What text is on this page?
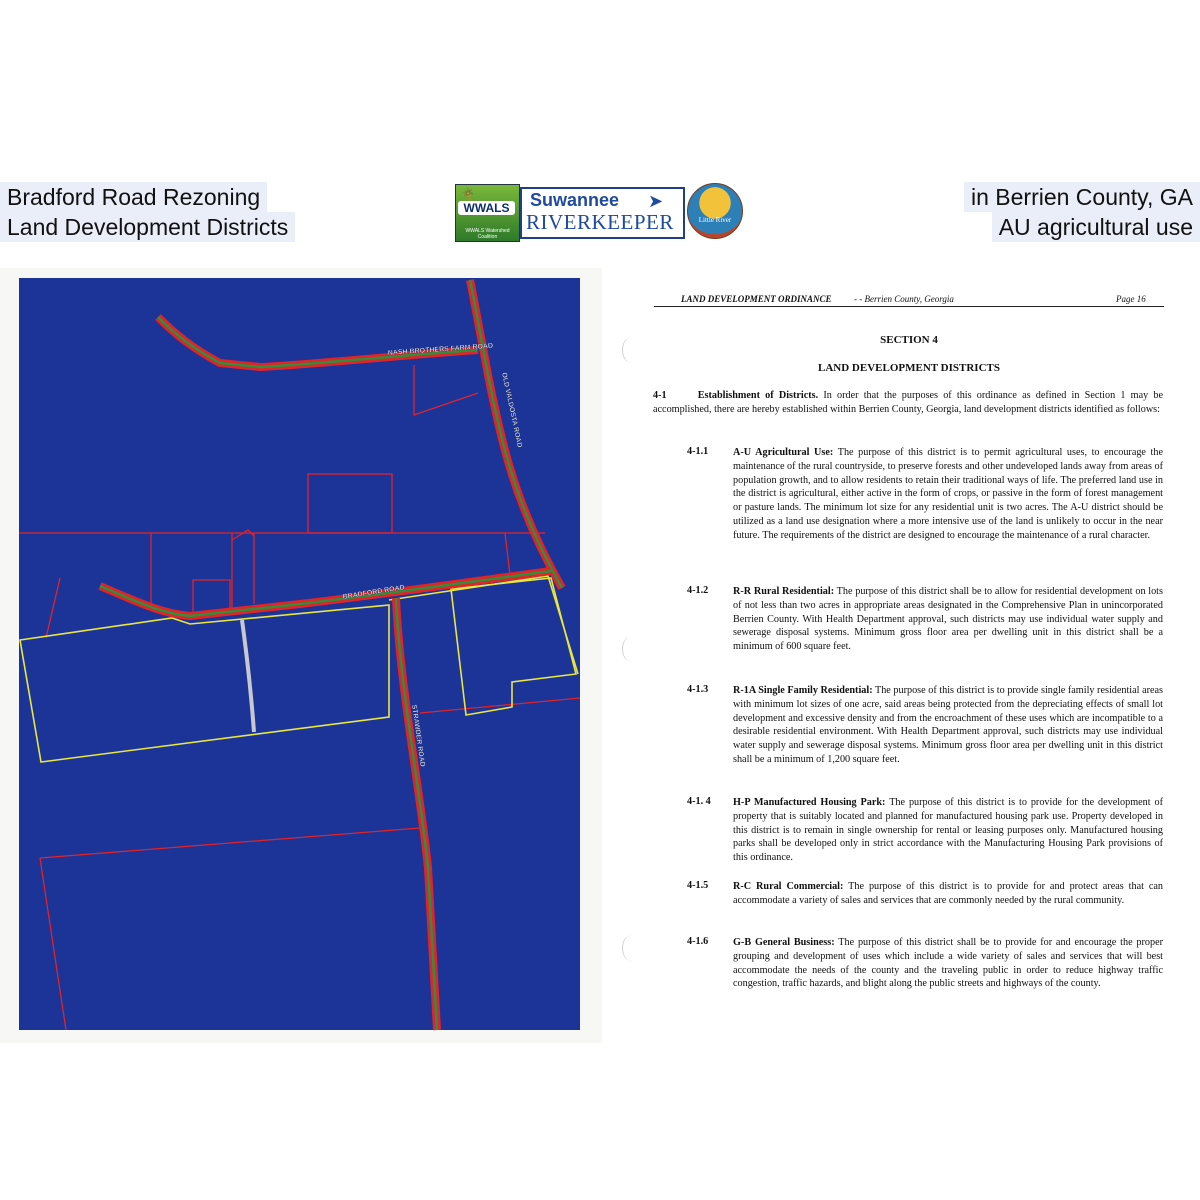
Bradford Road Rezoning
Land Development Districts
in Berrien County, GA
AU agricultural use
🌴
WWALS
WWALS Watershed Coalition
Suwannee ➤
RIVERKEEPER	Little River
NASH BROTHERS FARM ROAD
OLD VALDOSTA ROAD
BRADFORD ROAD
STRAWDER ROAD
LAND DEVELOPMENT ORDINANCE - - Berrien County, Georgia	Page 16
SECTION 4
LAND DEVELOPMENT DISTRICTS
4-1	Establishment of Districts. In order that the purposes of this ordinance as defined in Section 1 may be accomplished, there are hereby established within Berrien County, Georgia, land development districts identified as follows:
4-1.1 A-U Agricultural Use: The purpose of this district is to permit agricultural uses, to encourage the maintenance of the rural countryside, to preserve forests and other undeveloped lands away from areas of population growth, and to allow residents to retain their traditional ways of life. The preferred land use in the district is agricultural, either active in the form of crops, or passive in the form of forest management or pasture lands. The minimum lot size for any residential unit is two acres. The A-U district should be utilized as a land use designation where a more intensive use of the land is unlikely to occur in the near future. The requirements of the district are designed to encourage the maintenance of a rural character.
4-1.2 R-R Rural Residential: The purpose of this district shall be to allow for residential development on lots of not less than two acres in appropriate areas designated in the Comprehensive Plan in unincorporated Berrien County. With Health Department approval, such districts may use individual water supply and sewerage disposal systems. Minimum gross floor area per dwelling unit in this district shall be a minimum of 600 square feet.
4-1.3 R-1A Single Family Residential: The purpose of this district is to provide single family residential areas with minimum lot sizes of one acre, said areas being protected from the depreciating effects of small lot development and excessive density and from the encroachment of these uses which are incompatible to a desirable residential environment. With Health Department approval, such districts may use individual water supply and sewerage disposal systems. Minimum gross floor area per dwelling unit in this district shall be a minimum of 1,200 square feet.
4-1. 4 H-P Manufactured Housing Park: The purpose of this district is to provide for the development of property that is suitably located and planned for manufactured housing park use. Property developed in this district is to remain in single ownership for rental or leasing purposes only. Manufactured housing parks shall be developed only in strict accordance with the Manufacturing Housing Park provisions of this ordinance.
4-1.5 R-C Rural Commercial: The purpose of this district is to provide for and protect areas that can accommodate a variety of sales and services that are commonly needed by the rural community.
4-1.6 G-B General Business: The purpose of this district shall be to provide for and encourage the proper grouping and development of uses which include a wide variety of sales and services that will best accommodate the needs of the county and the traveling public in order to reduce highway traffic congestion, traffic hazards, and blight along the public streets and highways of the county.
